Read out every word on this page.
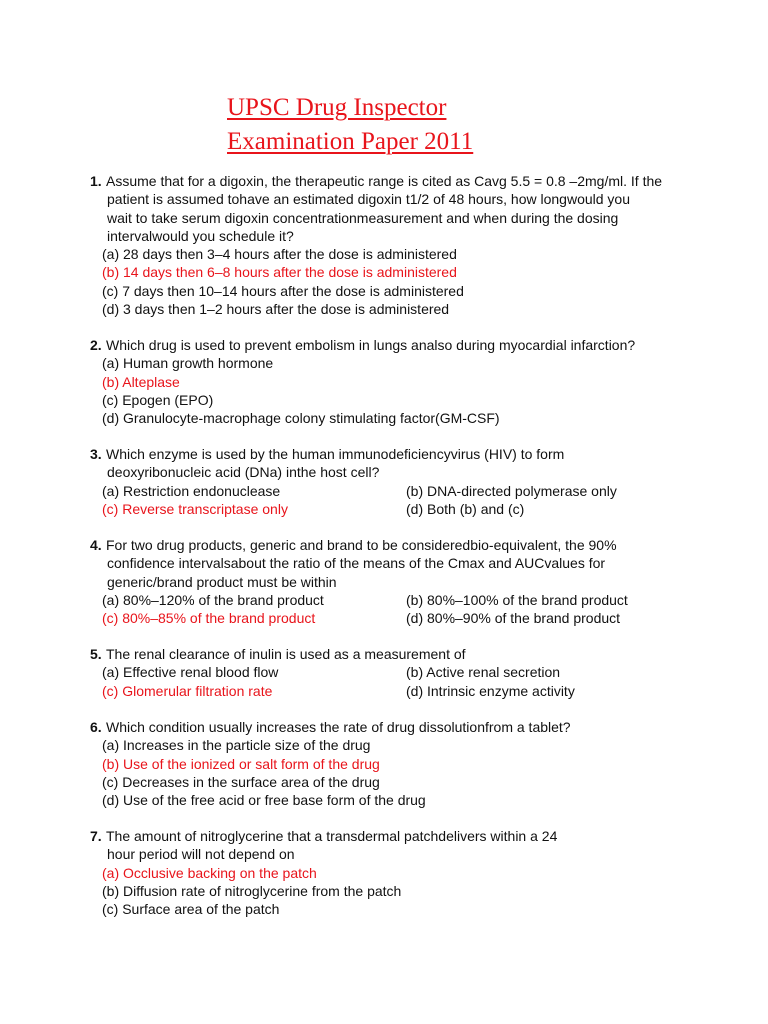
UPSC Drug Inspector
Examination Paper 2011
1. Assume that for a digoxin, the therapeutic range is cited as Cavg 5.5 = 0.8 –2mg/ml. If the
patient is assumed tohave an estimated digoxin t1/2 of 48 hours, how longwould you
wait to take serum digoxin concentrationmeasurement and when during the dosing
intervalwould you schedule it?
(a) 28 days then 3–4 hours after the dose is administered
(b) 14 days then 6–8 hours after the dose is administered
(c) 7 days then 10–14 hours after the dose is administered
(d) 3 days then 1–2 hours after the dose is administered
2. Which drug is used to prevent embolism in lungs analso during myocardial infarction?
(a) Human growth hormone
(b) Alteplase
(c) Epogen (EPO)
(d) Granulocyte-macrophage colony stimulating factor(GM-CSF)
3. Which enzyme is used by the human immunodeficiencyvirus (HIV) to form
deoxyribonucleic acid (DNa) inthe host cell?
(a) Restriction endonuclease	(b) DNA-directed polymerase only
(c) Reverse transcriptase only	(d) Both (b) and (c)
4. For two drug products, generic and brand to be consideredbio-equivalent, the 90%
confidence intervalsabout the ratio of the means of the Cmax and AUCvalues for
generic/brand product must be within
(a) 80%–120% of the brand product	(b) 80%–100% of the brand product
(c) 80%–85% of the brand product	(d) 80%–90% of the brand product
5. The renal clearance of inulin is used as a measurement of
(a) Effective renal blood flow	(b) Active renal secretion
(c) Glomerular filtration rate	(d) Intrinsic enzyme activity
6. Which condition usually increases the rate of drug dissolutionfrom a tablet?
(a) Increases in the particle size of the drug
(b) Use of the ionized or salt form of the drug
(c) Decreases in the surface area of the drug
(d) Use of the free acid or free base form of the drug
7. The amount of nitroglycerine that a transdermal patchdelivers within a 24
hour period will not depend on
(a) Occlusive backing on the patch
(b) Diffusion rate of nitroglycerine from the patch
(c) Surface area of the patch
